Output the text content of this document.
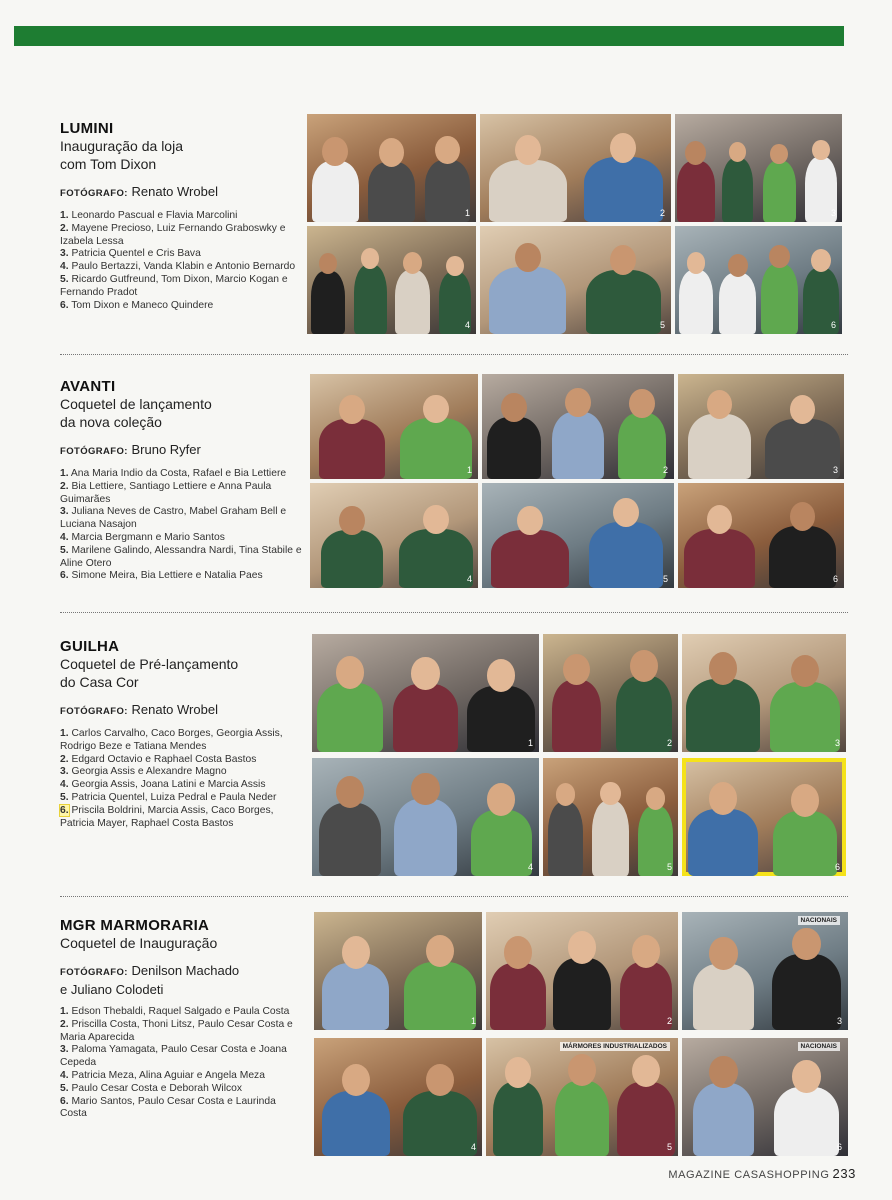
LUMINI
Inauguração da loja
com Tom Dixon
FOTÓGRAFO: Renato Wrobel
1. Leonardo Pascual e Flavia Marcolini
2. Mayene Precioso, Luiz Fernando Graboswky e Izabela Lessa
3. Patricia Quentel e Cris Bava
4. Paulo Bertazzi, Vanda Klabin e Antonio Bernardo
5. Ricardo Gutfreund, Tom Dixon, Marcio Kogan e Fernando Pradot
6. Tom Dixon e Maneco Quindere
AVANTI
Coquetel de lançamento
da nova coleção
FOTÓGRAFO: Bruno Ryfer
1. Ana Maria Indio da Costa, Rafael e Bia Lettiere
2. Bia Lettiere, Santiago Lettiere e Anna Paula Guimarães
3. Juliana Neves de Castro, Mabel Graham Bell e Luciana Nasajon
4. Marcia Bergmann e Mario Santos
5. Marilene Galindo, Alessandra Nardi, Tina Stabile e Aline Otero
6. Simone Meira, Bia Lettiere e Natalia Paes
GUILHA
Coquetel de Pré-lançamento
do Casa Cor
FOTÓGRAFO: Renato Wrobel
1. Carlos Carvalho, Caco Borges, Georgia Assis, Rodrigo Beze e Tatiana Mendes
2. Edgard Octavio e Raphael Costa Bastos
3. Georgia Assis e Alexandre Magno
4. Georgia Assis, Joana Latini e Marcia Assis
5. Patricia Quentel, Luiza Pedral e Paula Neder
6. Priscila Boldrini, Marcia Assis, Caco Borges, Patricia Mayer, Raphael Costa Bastos
MGR MARMORARIA
Coquetel de Inauguração
FOTÓGRAFO: Denilson Machado
e Juliano Colodeti
1. Edson Thebaldi, Raquel Salgado e Paula Costa
2. Priscilla Costa, Thoni Litsz, Paulo Cesar Costa e Maria Aparecida
3. Paloma Yamagata, Paulo Cesar Costa e Joana Cepeda
4. Patricia Meza, Alina Aguiar e Angela Meza
5. Paulo Cesar Costa e Deborah Wilcox
6. Mario Santos, Paulo Cesar Costa e Laurinda Costa
MAGAZINE CASASHOPPING 233
1	2	3
4	5	6
1	2	3
4	5	6
1	2	3
4	5	6
1	2
NACIONAIS
3
4
MÁRMORES INDUSTRIALIZADOS
5
NACIONAIS
6
